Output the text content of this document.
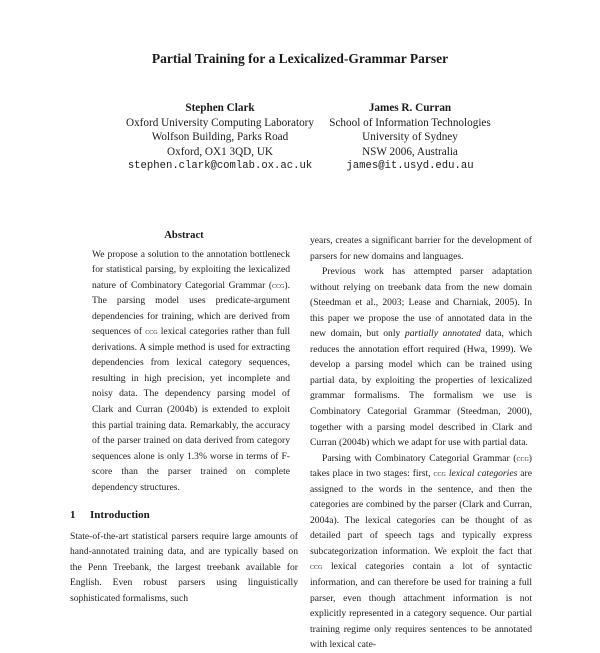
Partial Training for a Lexicalized-Grammar Parser
Stephen Clark
Oxford University Computing Laboratory
Wolfson Building, Parks Road
Oxford, OX1 3QD, UK
stephen.clark@comlab.ox.ac.uk
James R. Curran
School of Information Technologies
University of Sydney
NSW 2006, Australia
james@it.usyd.edu.au
Abstract
We propose a solution to the annotation bottleneck for statistical parsing, by exploiting the lexicalized nature of Combinatory Categorial Grammar (ccg). The parsing model uses predicate-argument dependencies for training, which are derived from sequences of ccg lexical categories rather than full derivations. A simple method is used for extracting dependencies from lexical category sequences, resulting in high precision, yet incomplete and noisy data. The dependency parsing model of Clark and Curran (2004b) is extended to exploit this partial training data. Remarkably, the accuracy of the parser trained on data derived from category sequences alone is only 1.3% worse in terms of F-score than the parser trained on complete dependency structures.
1 Introduction

State-of-the-art statistical parsers require large amounts of hand-annotated training data, and are typically based on the Penn Treebank, the largest treebank available for English. Even robust parsers using linguistically sophisticated formalisms, such

years, creates a significant barrier for the development of parsers for new domains and languages.

Previous work has attempted parser adaptation without relying on treebank data from the new domain (Steedman et al., 2003; Lease and Charniak, 2005). In this paper we propose the use of annotated data in the new domain, but only partially annotated data, which reduces the annotation effort required (Hwa, 1999). We develop a parsing model which can be trained using partial data, by exploiting the properties of lexicalized grammar formalisms. The formalism we use is Combinatory Categorial Grammar (Steedman, 2000), together with a parsing model described in Clark and Curran (2004b) which we adapt for use with partial data.

Parsing with Combinatory Categorial Grammar (ccg) takes place in two stages: first, ccg lexical categories are assigned to the words in the sentence, and then the categories are combined by the parser (Clark and Curran, 2004a). The lexical categories can be thought of as detailed part of speech tags and typically express subcategorization information. We exploit the fact that ccg lexical categories contain a lot of syntactic information, and can therefore be used for training a full parser, even though attachment information is not explicitly represented in a category sequence. Our partial training regime only requires sentences to be annotated with lexical cate-
